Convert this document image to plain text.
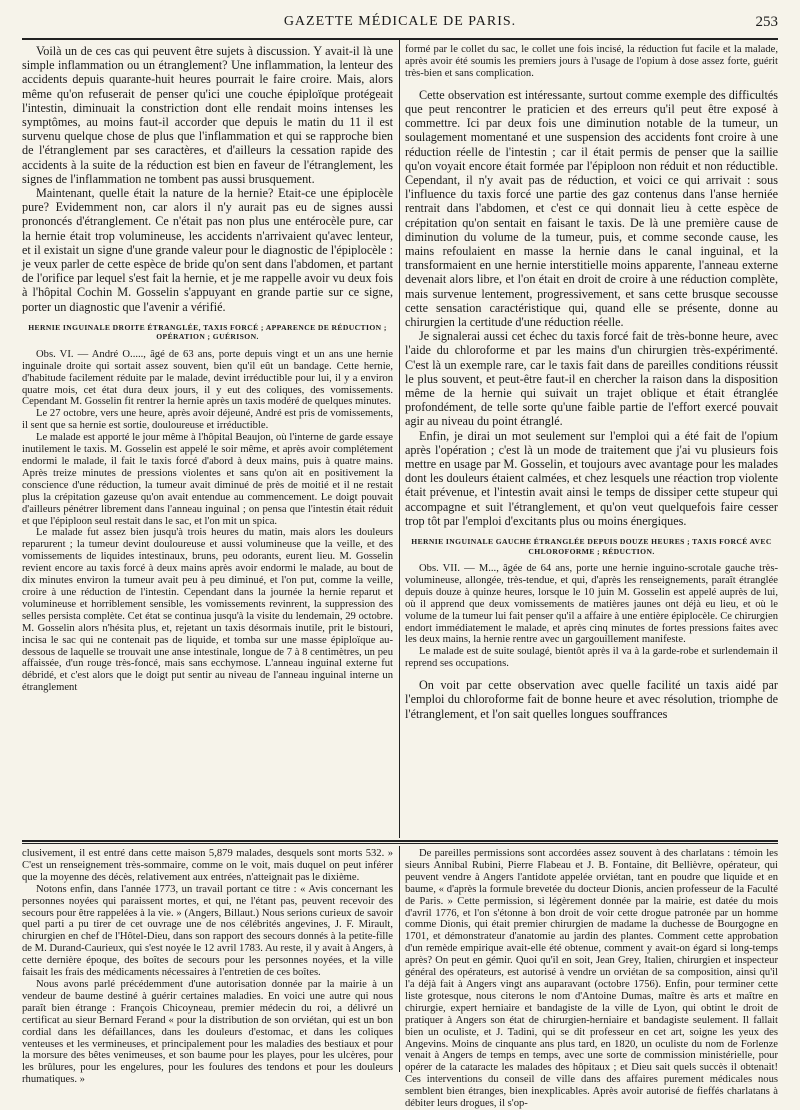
GAZETTE MÉDICALE DE PARIS.	253

Voilà un de ces cas qui peuvent être sujets à discussion. Y avait-il là une simple inflammation ou un étranglement? Une inflammation, la lenteur des accidents depuis quarante-huit heures pourrait le faire croire. Mais, alors même qu'on refuserait de penser qu'ici une couche épiploïque protégeait l'intestin, diminuait la constriction dont elle rendait moins intenses les symptômes, au moins faut-il accorder que depuis le matin du 11 il est survenu quelque chose de plus que l'inflammation et qui se rapproche bien de l'étranglement par ses caractères, et d'ailleurs la cessation rapide des accidents à la suite de la réduction est bien en faveur de l'étranglement, les signes de l'inflammation ne tombent pas aussi brusquement.

Maintenant, quelle était la nature de la hernie? Etait-ce une épiplocèle pure? Evidemment non, car alors il n'y aurait pas eu de signes aussi prononcés d'étranglement. Ce n'était pas non plus une entérocèle pure, car la hernie était trop volumineuse, les accidents n'arrivaient qu'avec lenteur, et il existait un signe d'une grande valeur pour le diagnostic de l'épiplocèle : je veux parler de cette espèce de bride qu'on sent dans l'abdomen, et partant de l'orifice par lequel s'est fait la hernie, et je me rappelle avoir vu deux fois à l'hôpital Cochin M. Gosselin s'appuyant en grande partie sur ce signe, porter un diagnostic que l'avenir a vérifié.

HERNIE INGUINALE DROITE ÉTRANGLÉE, TAXIS FORCÉ ; APPARENCE DE RÉDUCTION ; OPÉRATION ; GUÉRISON.

Obs. VI. — André O....., âgé de 63 ans, porte depuis vingt et un ans une hernie inguinale droite qui sortait assez souvent, bien qu'il eût un bandage. Cette hernie, d'habitude facilement réduite par le malade, devint irréductible pour lui, il y a environ quatre mois, cet état dura deux jours, il y eut des coliques, des vomissements. Cependant M. Gosselin fit rentrer la hernie après un taxis modéré de quelques minutes.

Le 27 octobre, vers une heure, après avoir déjeuné, André est pris de vomissements, il sent que sa hernie est sortie, douloureuse et irréductible.

Le malade est apporté le jour même à l'hôpital Beaujon, où l'interne de garde essaye inutilement le taxis. M. Gosselin est appelé le soir même, et après avoir complétement endormi le malade, il fait le taxis forcé d'abord à deux mains, puis à quatre mains. Après treize minutes de pressions violentes et sans qu'on ait en positivement la conscience d'une réduction, la tumeur avait diminué de près de moitié et il ne restait plus la crépitation gazeuse qu'on avait entendue au commencement. Le doigt pouvait d'ailleurs pénétrer librement dans l'anneau inguinal ; on pensa que l'intestin était réduit et que l'épiploon seul restait dans le sac, et l'on mit un spica.

Le malade fut assez bien jusqu'à trois heures du matin, mais alors les douleurs reparurent ; la tumeur devint douloureuse et aussi volumineuse que la veille, et des vomissements de liquides intestinaux, bruns, peu odorants, eurent lieu. M. Gosselin revient encore au taxis forcé à deux mains après avoir endormi le malade, au bout de dix minutes environ la tumeur avait peu à peu diminué, et l'on put, comme la veille, croire à une réduction de l'intestin. Cependant dans la journée la hernie reparut et volumineuse et horriblement sensible, les vomissements revinrent, la suppression des selles persista complète. Cet état se continua jusqu'à la visite du lendemain, 29 octobre. M. Gosselin alors n'hésita plus, et, rejetant un taxis désormais inutile, prit le bistouri, incisa le sac qui ne contenait pas de liquide, et tomba sur une masse épiploïque au-dessous de laquelle se trouvait une anse intestinale, longue de 7 à 8 centimètres, un peu affaissée, d'un rouge très-foncé, mais sans ecchymose. L'anneau inguinal externe fut débridé, et c'est alors que le doigt put sentir au niveau de l'anneau inguinal interne un étranglement

formé par le collet du sac, le collet une fois incisé, la réduction fut facile et la malade, après avoir été soumis les premiers jours à l'usage de l'opium à dose assez forte, guérit très-bien et sans complication.

Cette observation est intéressante, surtout comme exemple des difficultés que peut rencontrer le praticien et des erreurs qu'il peut être exposé à commettre. Ici par deux fois une diminution notable de la tumeur, un soulagement momentané et une suspension des accidents font croire à une réduction réelle de l'intestin ; car il était permis de penser que la saillie qu'on voyait encore était formée par l'épiploon non réduit et non réductible. Cependant, il n'y avait pas de réduction, et voici ce qui arrivait : sous l'influence du taxis forcé une partie des gaz contenus dans l'anse herniée rentrait dans l'abdomen, et c'est ce qui donnait lieu à cette espèce de crépitation qu'on sentait en faisant le taxis. De là une première cause de diminution du volume de la tumeur, puis, et comme seconde cause, les mains refoulaient en masse la hernie dans le canal inguinal, et la transformaient en une hernie interstitielle moins apparente, l'anneau externe devenait alors libre, et l'on était en droit de croire à une réduction complète, mais survenue lentement, progressivement, et sans cette brusque secousse cette sensation caractéristique qui, quand elle se présente, donne au chirurgien la certitude d'une réduction réelle.

Je signalerai aussi cet échec du taxis forcé fait de très-bonne heure, avec l'aide du chloroforme et par les mains d'un chirurgien très-expérimenté. C'est là un exemple rare, car le taxis fait dans de pareilles conditions réussit le plus souvent, et peut-être faut-il en chercher la raison dans la disposition même de la hernie qui suivait un trajet oblique et était étranglée profondément, de telle sorte qu'une faible partie de l'effort exercé pouvait agir au niveau du point étranglé.

Enfin, je dirai un mot seulement sur l'emploi qui a été fait de l'opium après l'opération ; c'est là un mode de traitement que j'ai vu plusieurs fois mettre en usage par M. Gosselin, et toujours avec avantage pour les malades dont les douleurs étaient calmées, et chez lesquels une réaction trop violente était prévenue, et l'intestin avait ainsi le temps de dissiper cette stupeur qui accompagne et suit l'étranglement, et qu'on veut quelquefois faire cesser trop tôt par l'emploi d'excitants plus ou moins énergiques.

HERNIE INGUINALE GAUCHE ÉTRANGLÉE DEPUIS DOUZE HEURES ; TAXIS FORCÉ AVEC CHLOROFORME ; RÉDUCTION.

Obs. VII. — M..., âgée de 64 ans, porte une hernie inguino-scrotale gauche très-volumineuse, allongée, très-tendue, et qui, d'après les renseignements, paraît étranglée depuis douze à quinze heures, lorsque le 10 juin M. Gosselin est appelé auprès de lui, où il apprend que deux vomissements de matières jaunes ont déjà eu lieu, et où le volume de la tumeur lui fait penser qu'il a affaire à une entière épiplocèle. Ce chirurgien endort immédiatement le malade, et après cinq minutes de fortes pressions faites avec les deux mains, la hernie rentre avec un gargouillement manifeste.

Le malade est de suite soulagé, bientôt après il va à la garde-robe et surlendemain il reprend ses occupations.

On voit par cette observation avec quelle facilité un taxis aidé par l'emploi du chloroforme fait de bonne heure et avec résolution, triomphe de l'étranglement, et l'on sait quelles longues souffrances

clusivement, il est entré dans cette maison 5,879 malades, desquels sont morts 532. » C'est un renseignement très-sommaire, comme on le voit, mais duquel on peut inférer que la moyenne des décès, relativement aux entrées, n'atteignait pas le dixième.

Notons enfin, dans l'année 1773, un travail portant ce titre : « Avis concernant les personnes noyées qui paraissent mortes, et qui, ne l'étant pas, peuvent recevoir des secours pour être rappelées à la vie. » (Angers, Billaut.) Nous serions curieux de savoir quel parti a pu tirer de cet ouvrage une de nos célébrités angevines, J. F. Mirault, chirurgien en chef de l'Hôtel-Dieu, dans son rapport des secours donnés à la petite-fille de M. Durand-Caurieux, qui s'est noyée le 12 avril 1783. Au reste, il y avait à Angers, à cette dernière époque, des boîtes de secours pour les personnes noyées, et la ville faisait les frais des médicaments nécessaires à l'entretien de ces boîtes.

Nous avons parlé précédemment d'une autorisation donnée par la mairie à un vendeur de baume destiné à guérir certaines maladies. En voici une autre qui nous paraît bien étrange : François Chicoyneau, premier médecin du roi, a délivré un certificat au sieur Bernard Ferand « pour la distribution de son orviétan, qui est un bon cordial dans les défaillances, dans les douleurs d'estomac, et dans les coliques venteuses et les vermineuses, et principalement pour les maladies des bestiaux et pour la morsure des bêtes venimeuses, et son baume pour les playes, pour les ulcères, pour les brûlures, pour les engelures, pour les foulures des tendons et pour les douleurs rhumatiques. »

De pareilles permissions sont accordées assez souvent à des charlatans : témoin les sieurs Annibal Rubini, Pierre Flabeau et J. B. Fontaine, dit Bellièvre, opérateur, qui peuvent vendre à Angers l'antidote appelée orviétan, tant en poudre que liquide et en baume, « d'après la formule brevetée du docteur Dionis, ancien professeur de la Faculté de Paris. » Cette permission, si légèrement donnée par la mairie, est datée du mois d'avril 1776, et l'on s'étonne à bon droit de voir cette drogue patronée par un homme comme Dionis, qui était premier chirurgien de madame la duchesse de Bourgogne en 1701, et démonstrateur d'anatomie au jardin des plantes. Comment cette approbation d'un remède empirique avait-elle été obtenue, comment y avait-on égard si long-temps après? On peut en gémir. Quoi qu'il en soit, Jean Grey, Italien, chirurgien et inspecteur général des opérateurs, est autorisé à vendre un orviétan de sa composition, ainsi qu'il l'a déjà fait à Angers vingt ans auparavant (octobre 1756). Enfin, pour terminer cette liste grotesque, nous citerons le nom d'Antoine Dumas, maître ès arts et maître en chirurgie, expert herniaire et bandagiste de la ville de Lyon, qui obtint le droit de pratiquer à Angers son état de chirurgien-herniaire et bandagiste seulement. Il fallait bien un oculiste, et J. Tadini, qui se dit professeur en cet art, soigne les yeux des Angevins. Moins de cinquante ans plus tard, en 1820, un oculiste du nom de Forlenze venait à Angers de temps en temps, avec une sorte de commission ministérielle, pour opérer de la cataracte les malades des hôpitaux ; et Dieu sait quels succès il obtenait! Ces interventions du conseil de ville dans des affaires purement médicales nous semblent bien étranges, bien inexplicables. Après avoir autorisé de fieffés charlatans à débiter leurs drogues, il s'op-
